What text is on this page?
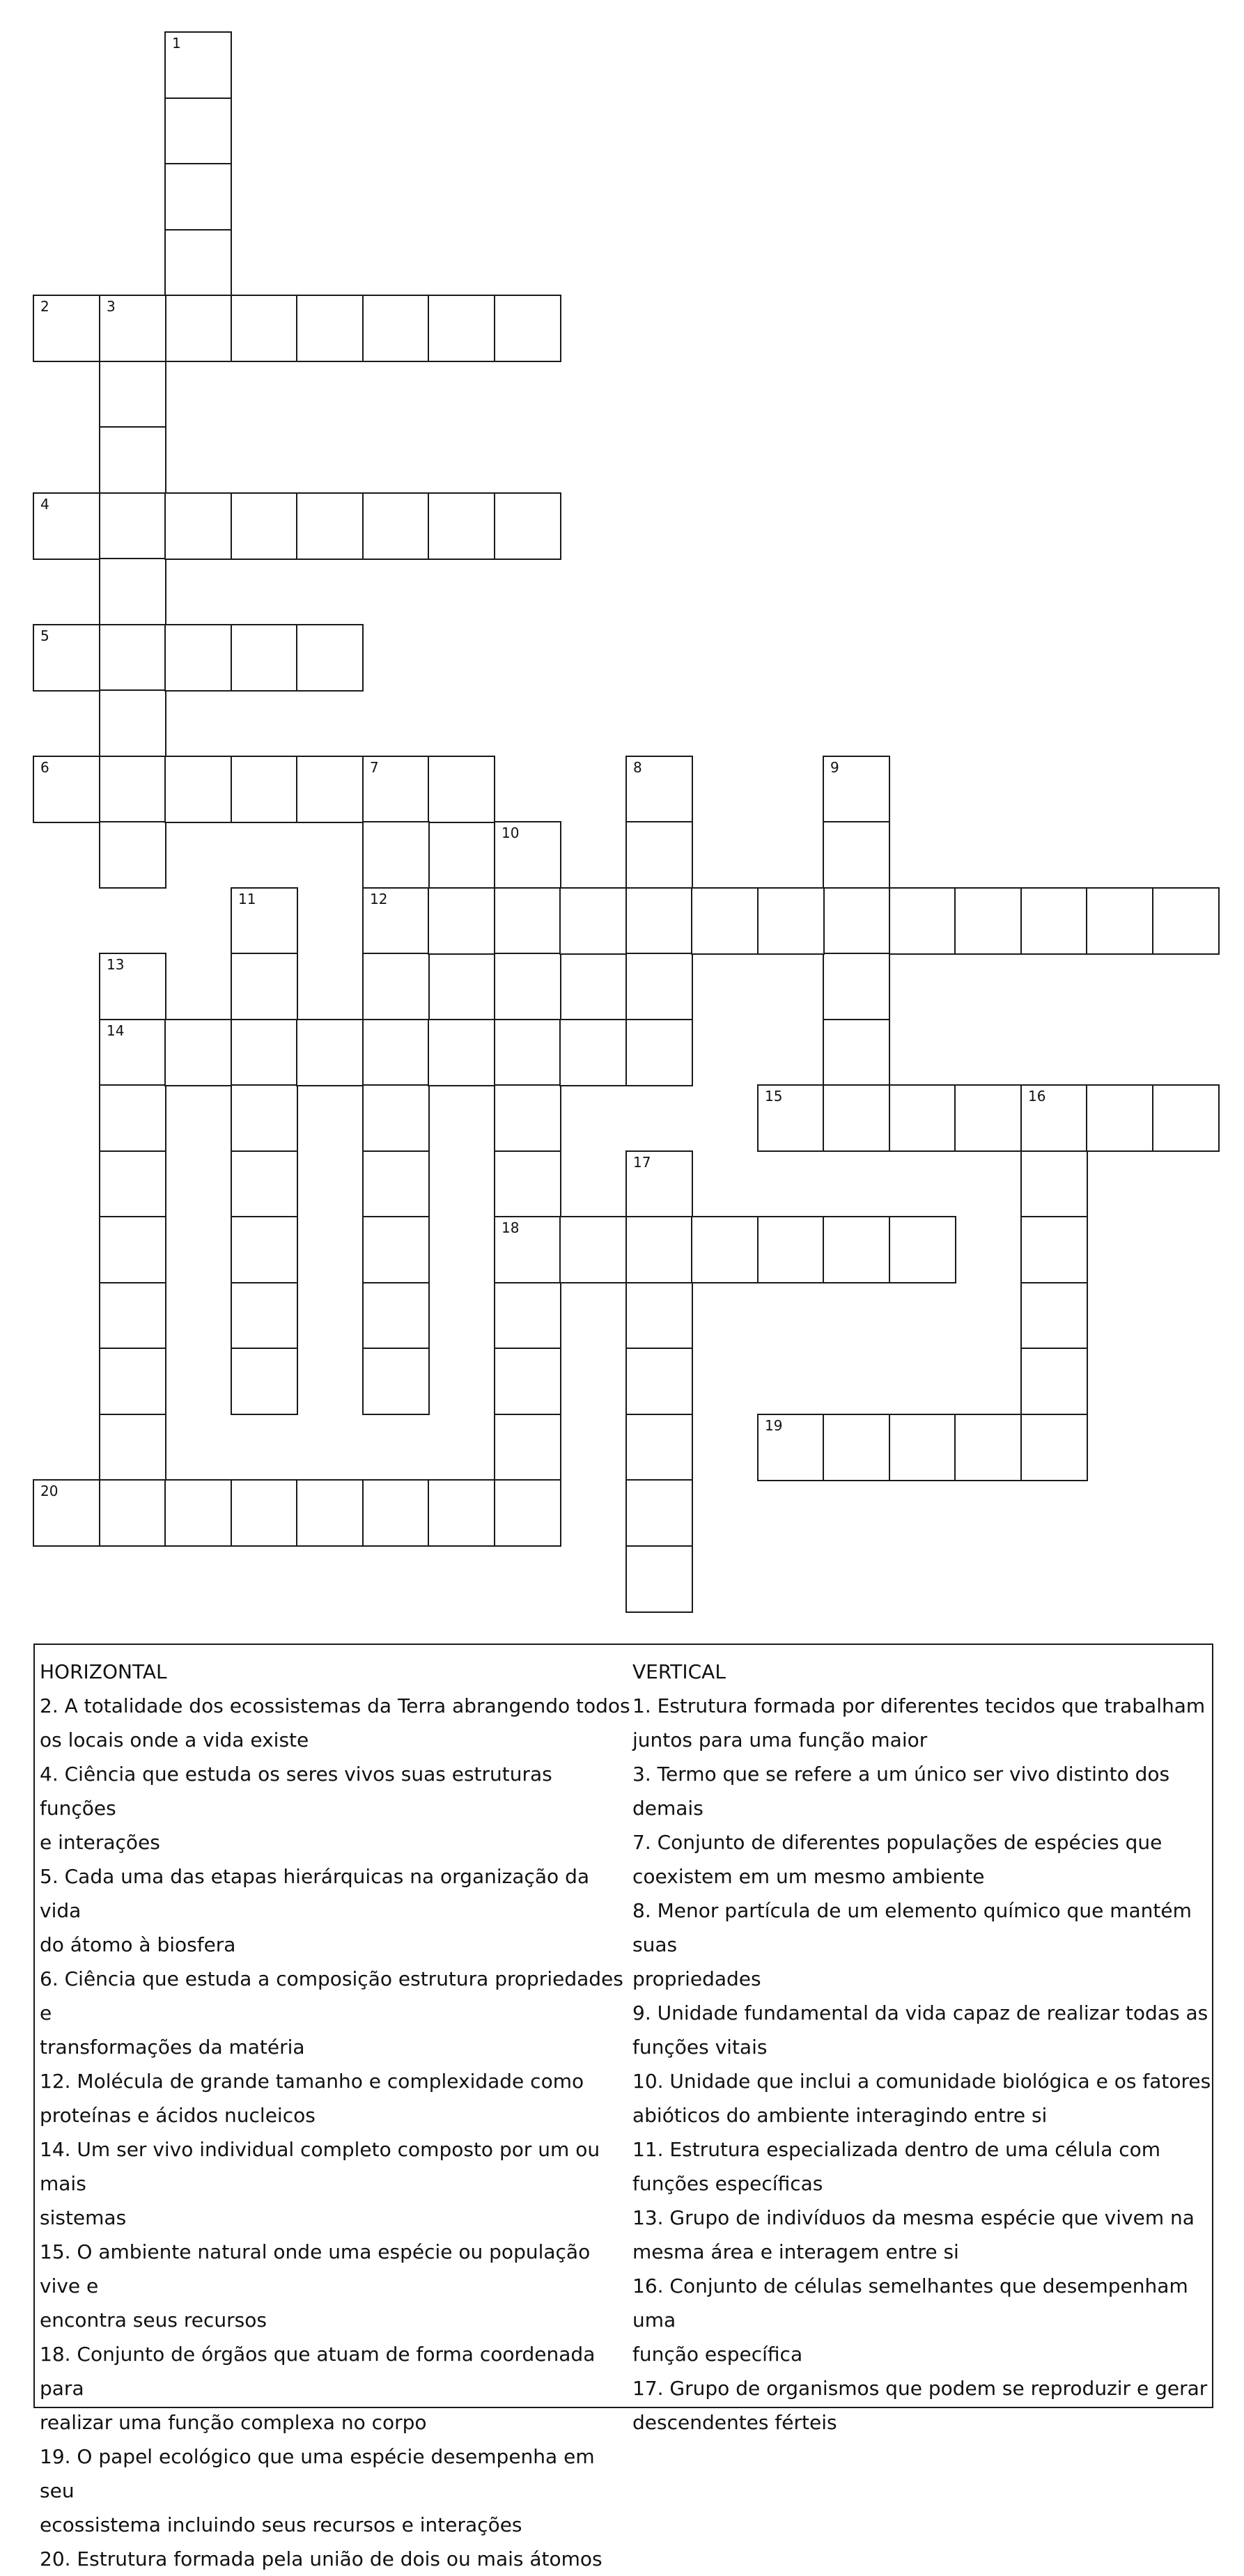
1
2	3
4
5
6	7
12
8	9
10
18
11
13
14
15	16
17
19
20

HORIZONTAL

2. A totalidade dos ecossistemas da Terra abrangendo todos

os locais onde a vida existe

4. Ciência que estuda os seres vivos suas estruturas funções

e interações

5. Cada uma das etapas hierárquicas na organização da vida

do átomo à biosfera

6. Ciência que estuda a composição estrutura propriedades e

transformações da matéria

12. Molécula de grande tamanho e complexidade como

proteínas e ácidos nucleicos

14. Um ser vivo individual completo composto por um ou mais

sistemas

15. O ambiente natural onde uma espécie ou população vive e

encontra seus recursos

18. Conjunto de órgãos que atuam de forma coordenada para

realizar uma função complexa no corpo

19. O papel ecológico que uma espécie desempenha em seu

ecossistema incluindo seus recursos e interações

20. Estrutura formada pela união de dois ou mais átomos

VERTICAL

1. Estrutura formada por diferentes tecidos que trabalham

juntos para uma função maior

3. Termo que se refere a um único ser vivo distinto dos

demais

7. Conjunto de diferentes populações de espécies que

coexistem em um mesmo ambiente

8. Menor partícula de um elemento químico que mantém suas

propriedades

9. Unidade fundamental da vida capaz de realizar todas as

funções vitais

10. Unidade que inclui a comunidade biológica e os fatores

abióticos do ambiente interagindo entre si

11. Estrutura especializada dentro de uma célula com

funções específicas

13. Grupo de indivíduos da mesma espécie que vivem na

mesma área e interagem entre si

16. Conjunto de células semelhantes que desempenham uma

função específica

17. Grupo de organismos que podem se reproduzir e gerar

descendentes férteis
